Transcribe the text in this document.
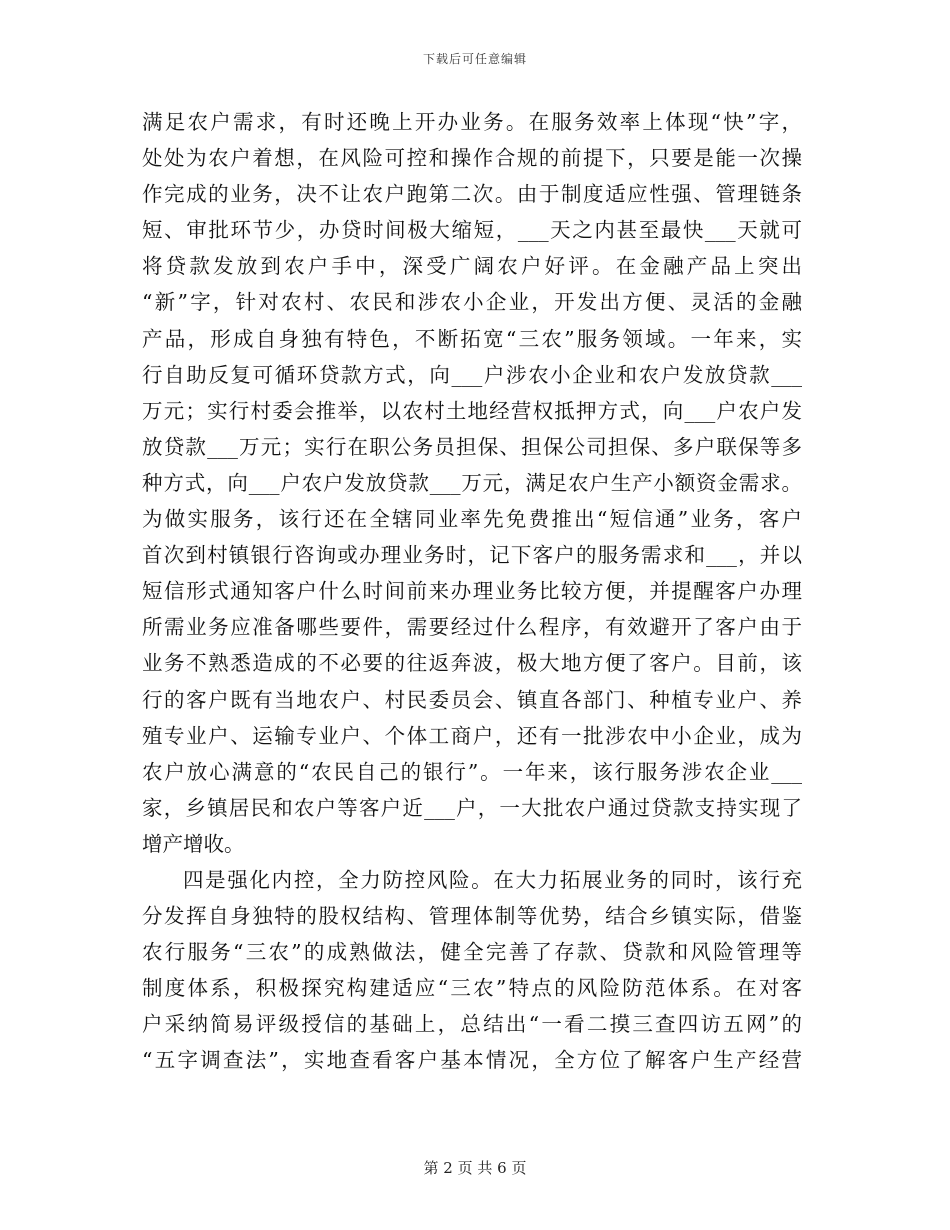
下载后可任意编辑
满足农户需求，有时还晚上开办业务。在服务效率上体现“快”字，
处处为农户着想，在风险可控和操作合规的前提下，只要是能一次操
作完成的业务，决不让农户跑第二次。由于制度适应性强、管理链条
短、审批环节少，办贷时间极大缩短，___天之内甚至最快___天就可
将贷款发放到农户手中，深受广阔农户好评。在金融产品上突出
“新”字，针对农村、农民和涉农小企业，开发出方便、灵活的金融
产品，形成自身独有特色，不断拓宽“三农”服务领域。一年来，实
行自助反复可循环贷款方式，向___户涉农小企业和农户发放贷款___
万元；实行村委会推举，以农村土地经营权抵押方式，向___户农户发
放贷款___万元；实行在职公务员担保、担保公司担保、多户联保等多
种方式，向___户农户发放贷款___万元，满足农户生产小额资金需求。
为做实服务，该行还在全辖同业率先免费推出“短信通”业务，客户
首次到村镇银行咨询或办理业务时，记下客户的服务需求和___，并以
短信形式通知客户什么时间前来办理业务比较方便，并提醒客户办理
所需业务应准备哪些要件，需要经过什么程序，有效避开了客户由于
业务不熟悉造成的不必要的往返奔波，极大地方便了客户。目前，该
行的客户既有当地农户、村民委员会、镇直各部门、种植专业户、养
殖专业户、运输专业户、个体工商户，还有一批涉农中小企业，成为
农户放心满意的“农民自己的银行”。一年来，该行服务涉农企业___
家，乡镇居民和农户等客户近___户，一大批农户通过贷款支持实现了
增产增收。
四是强化内控，全力防控风险。在大力拓展业务的同时，该行充
分发挥自身独特的股权结构、管理体制等优势，结合乡镇实际，借鉴
农行服务“三农”的成熟做法，健全完善了存款、贷款和风险管理等
制度体系，积极探究构建适应“三农”特点的风险防范体系。在对客
户采纳简易评级授信的基础上，总结出“一看二摸三查四访五网”的
“五字调查法”，实地查看客户基本情况，全方位了解客户生产经营
第 2 页 共 6 页
